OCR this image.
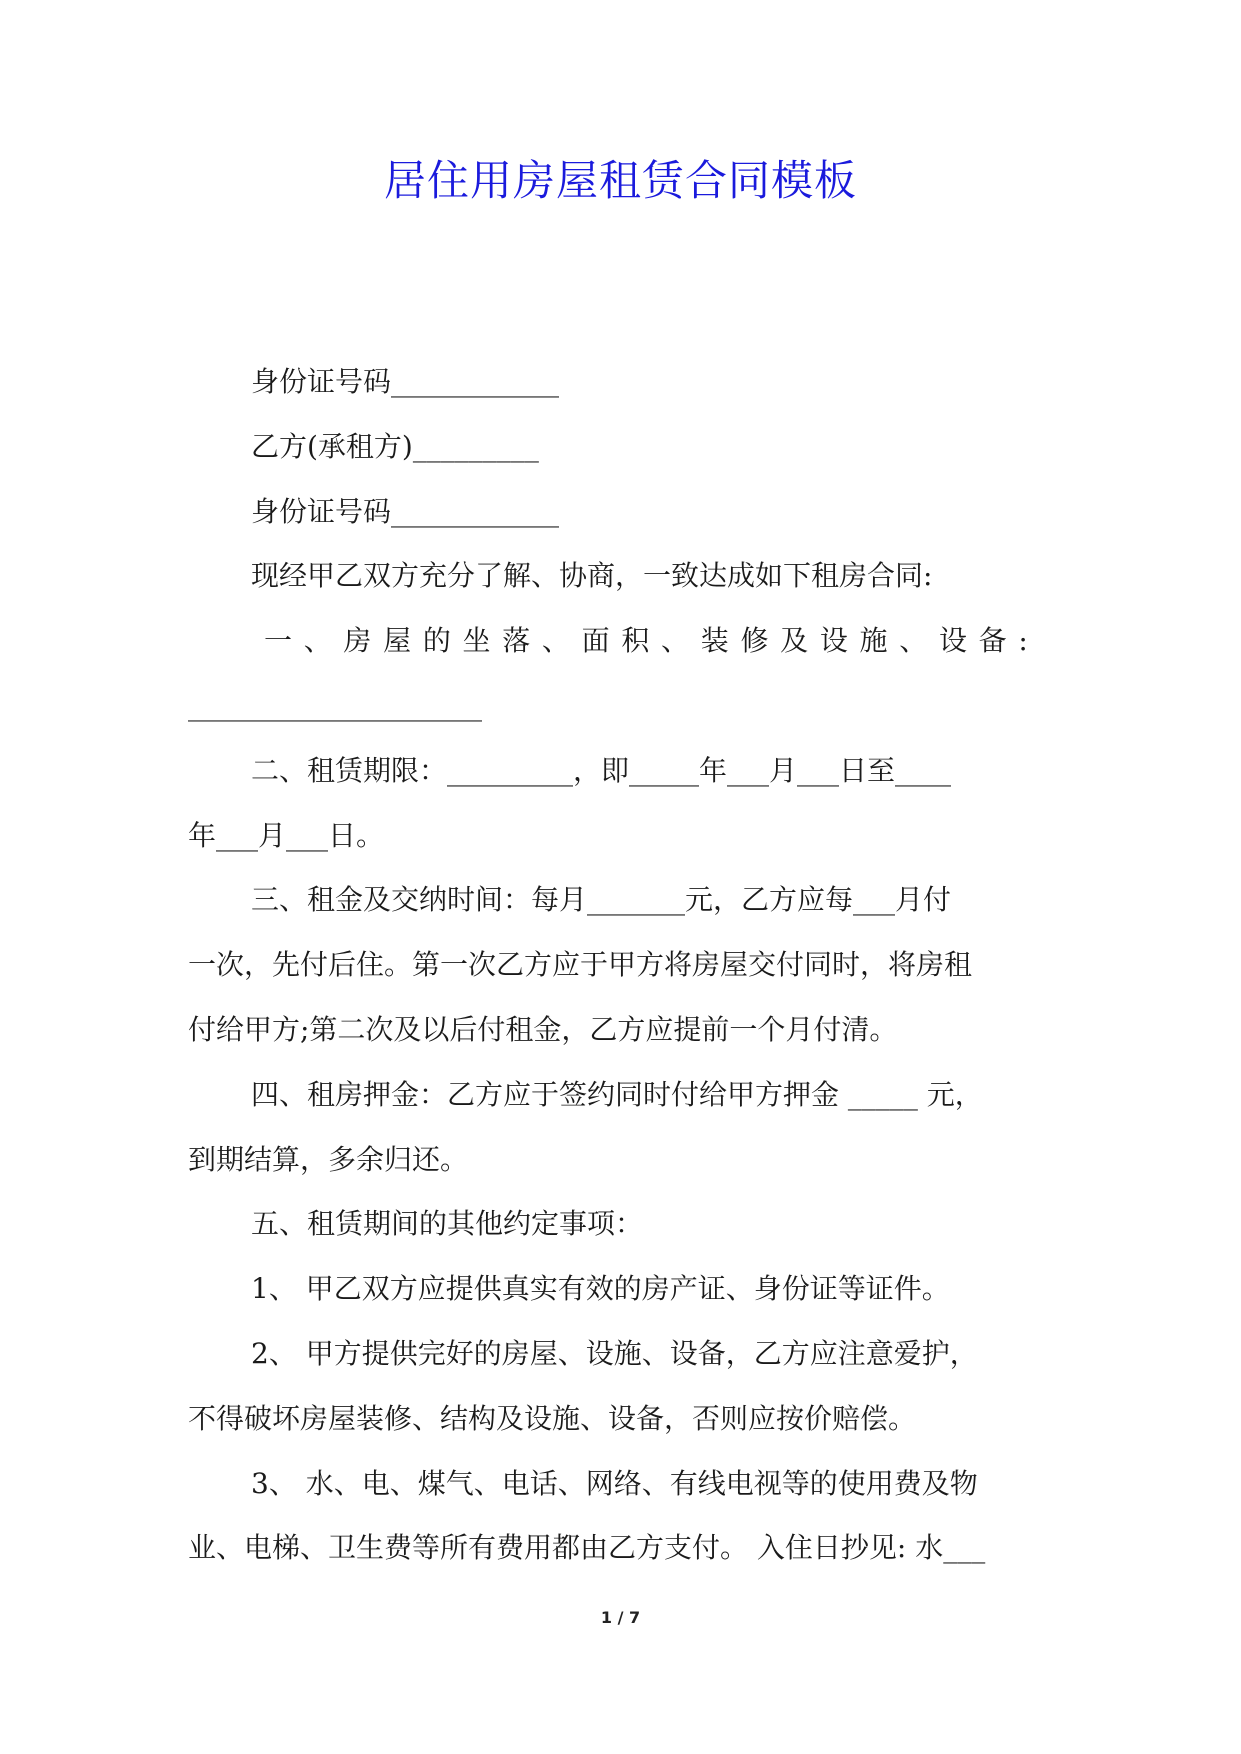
居住用房屋租赁合同模板
身份证号码____________
乙方(承租方)_________
身份证号码____________
现经甲乙双方充分了解、协商，一致达成如下租房合同:
一 、 房 屋 的 坐 落 、 面 积 、 装 修 及 设 施 、 设 备 :
_____________________
二、租赁期限：_________，即_____年___月___日至____
年___月___日。
三、租金及交纳时间：每月_______元，乙方应每___月付
一次，先付后住。第一次乙方应于甲方将房屋交付同时，将房租
付给甲方;第二次及以后付租金，乙方应提前一个月付清。
四、租房押金：乙方应于签约同时付给甲方押金 _____ 元，
到期结算，多余归还。
五、租赁期间的其他约定事项：
1、 甲乙双方应提供真实有效的房产证、身份证等证件。
2、 甲方提供完好的房屋、设施、设备，乙方应注意爱护，
不得破坏房屋装修、结构及设施、设备，否则应按价赔偿。
3、 水、电、煤气、电话、网络、有线电视等的使用费及物
业、电梯、卫生费等所有费用都由乙方支付。 入住日抄见: 水___
1 / 7
